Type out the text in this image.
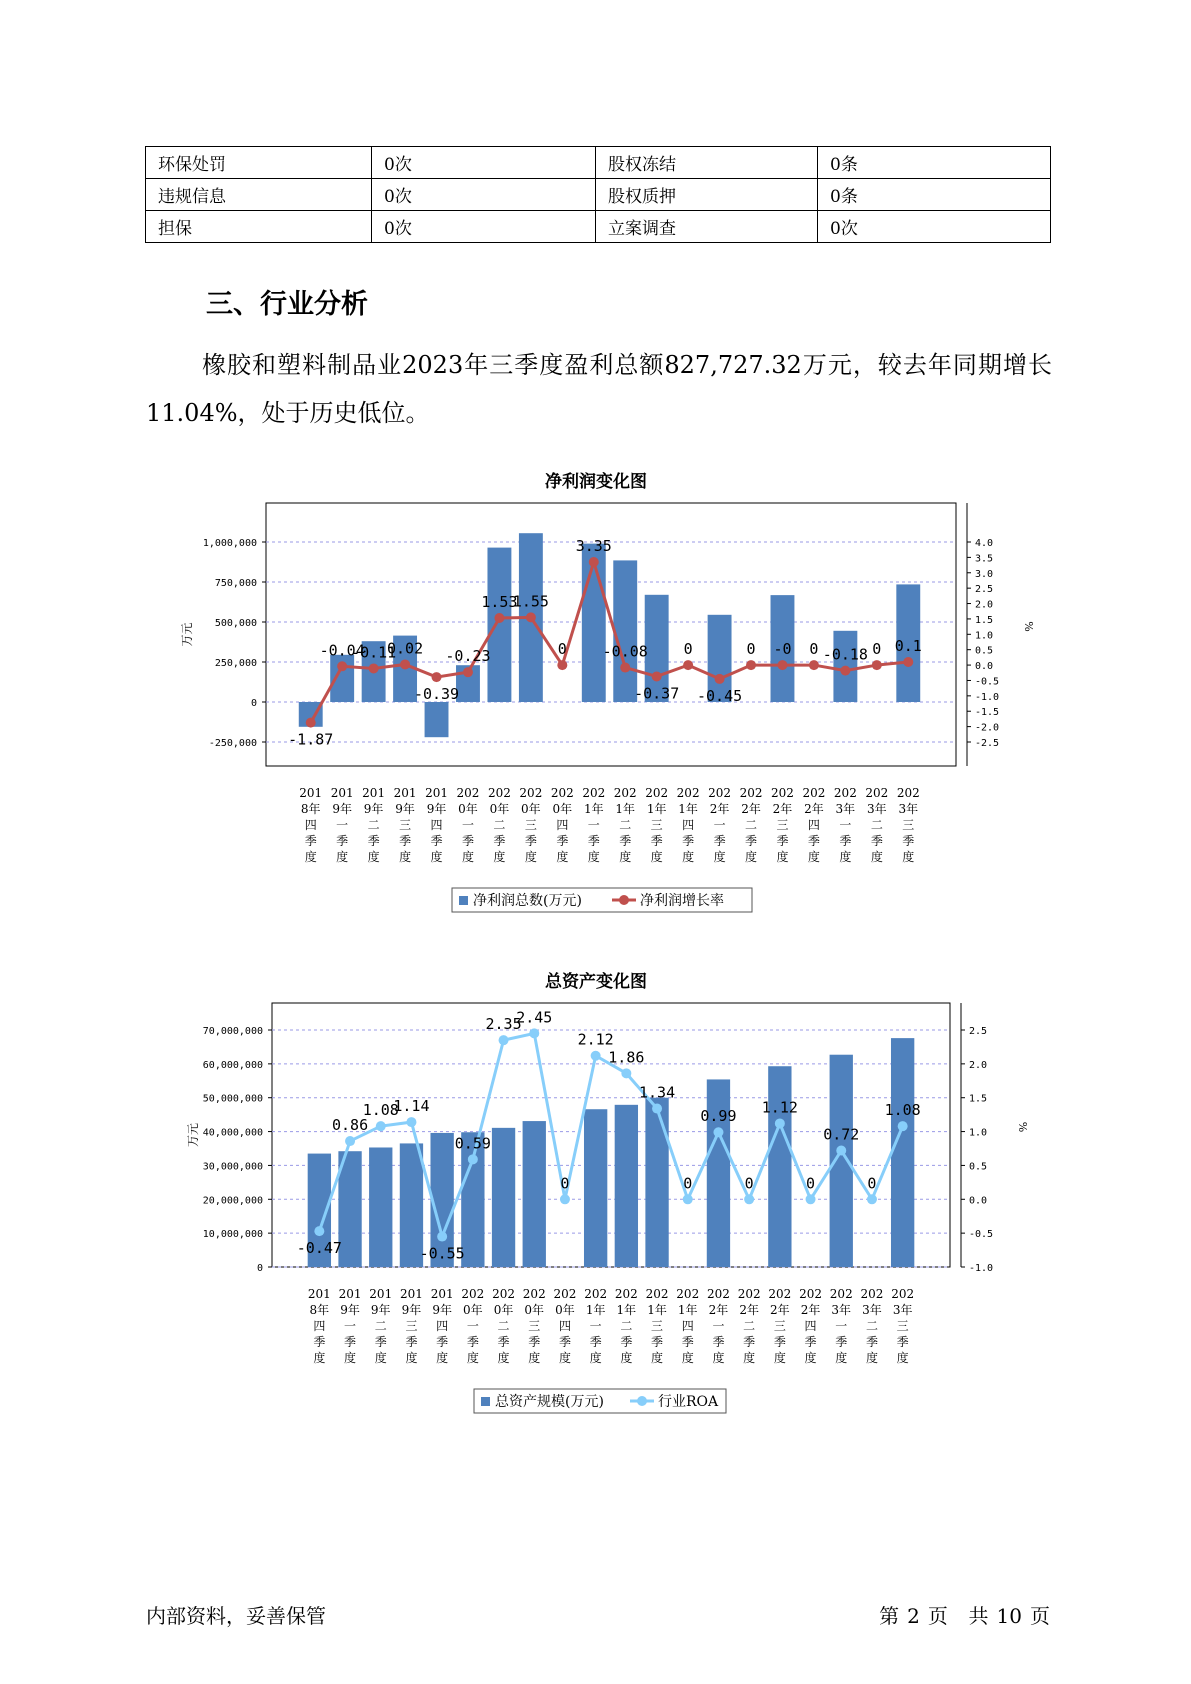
环保处罚	0次	股权冻结	0条
违规信息	0次	股权质押	0条
担保	0次	立案调查	0次
三、行业分析

橡胶和塑料制品业2023年三季度盈利总额827,727.32万元，较去年同期增长11.04%，处于历史低位。

净利润变化图
-250,000
0
250,000
500,000
750,000
1,000,000
-2.5
-2.0
-1.5
-1.0
-0.5
0.0
0.5
1.0
1.5
2.0
2.5
3.0
3.5
4.0
万元	%
-1.87
-0.04
-0.11
0.02
-0.39
-0.23
1.53
1.55
0
3.35
-0.08
-0.37
0
-0.45
0 -0 0 -0.18 0 0.1
201
8年
四
季
度
201
9年
一
季
度
201
9年
二
季
度
201
9年
三
季
度
201
9年
四
季
度
202
0年
一
季
度
202
0年
二
季
度
202
0年
三
季
度
202
0年
四
季
度
202
1年
一
季
度
202
1年
二
季
度
202
1年
三
季
度
202
1年
四
季
度
202
2年
一
季
度
202
2年
二
季
度
202
2年
三
季
度
202
2年
四
季
度
202
3年
一
季
度
202
3年
二
季
度
202
3年
三
季
度
净利润总数(万元)	净利润增长率
总资产变化图
0
10,000,000
20,000,000
30,000,000
40,000,000
50,000,000
60,000,000
70,000,000
-1.0
-0.5
0.0
0.5
1.0
1.5
2.0
2.5
万元	%
-0.47
0.86
1.08
1.14
-0.55
0.59
2.35
2.45
0
2.12
1.86
1.34
0
0.99
0
1.12
0
0.72
0
1.08
201
8年
四
季
度
201
9年
一
季
度
201
9年
二
季
度
201
9年
三
季
度
201
9年
四
季
度
202
0年
一
季
度
202
0年
二
季
度
202
0年
三
季
度
202
0年
四
季
度
202
1年
一
季
度
202
1年
二
季
度
202
1年
三
季
度
202
1年
四
季
度
202
2年
一
季
度
202
2年
二
季
度
202
2年
三
季
度
202
2年
四
季
度
202
3年
一
季
度
202
3年
二
季
度
202
3年
三
季
度
总资产规模(万元)	行业ROA
内部资料，妥善保管	第 2 页 共 10 页
